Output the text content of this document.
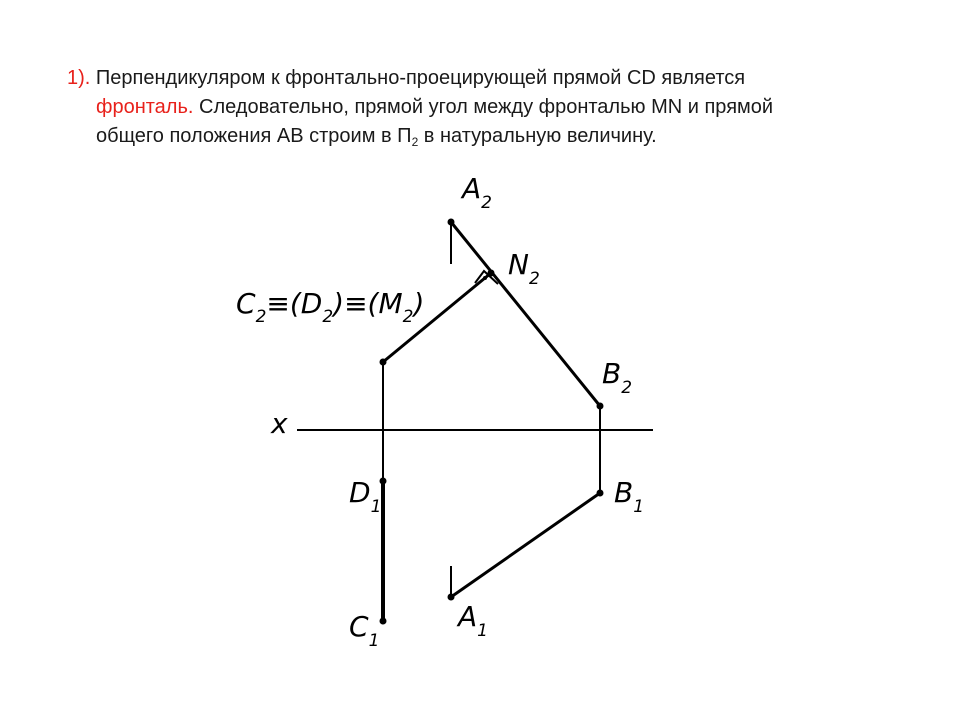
1). Перпендикуляром к фронтально-проецирующей прямой CD является
фронталь. Следовательно, прямой угол между фронталью MN и прямой
общего положения АВ строим в $П_2$ в натуральную величину.
$A_2$
$N_2$
$B_2$
x
$C_2\equiv(D_2)\equiv(M_2)$
$D_1$	$B_1$
$A_1$
$C_1$
